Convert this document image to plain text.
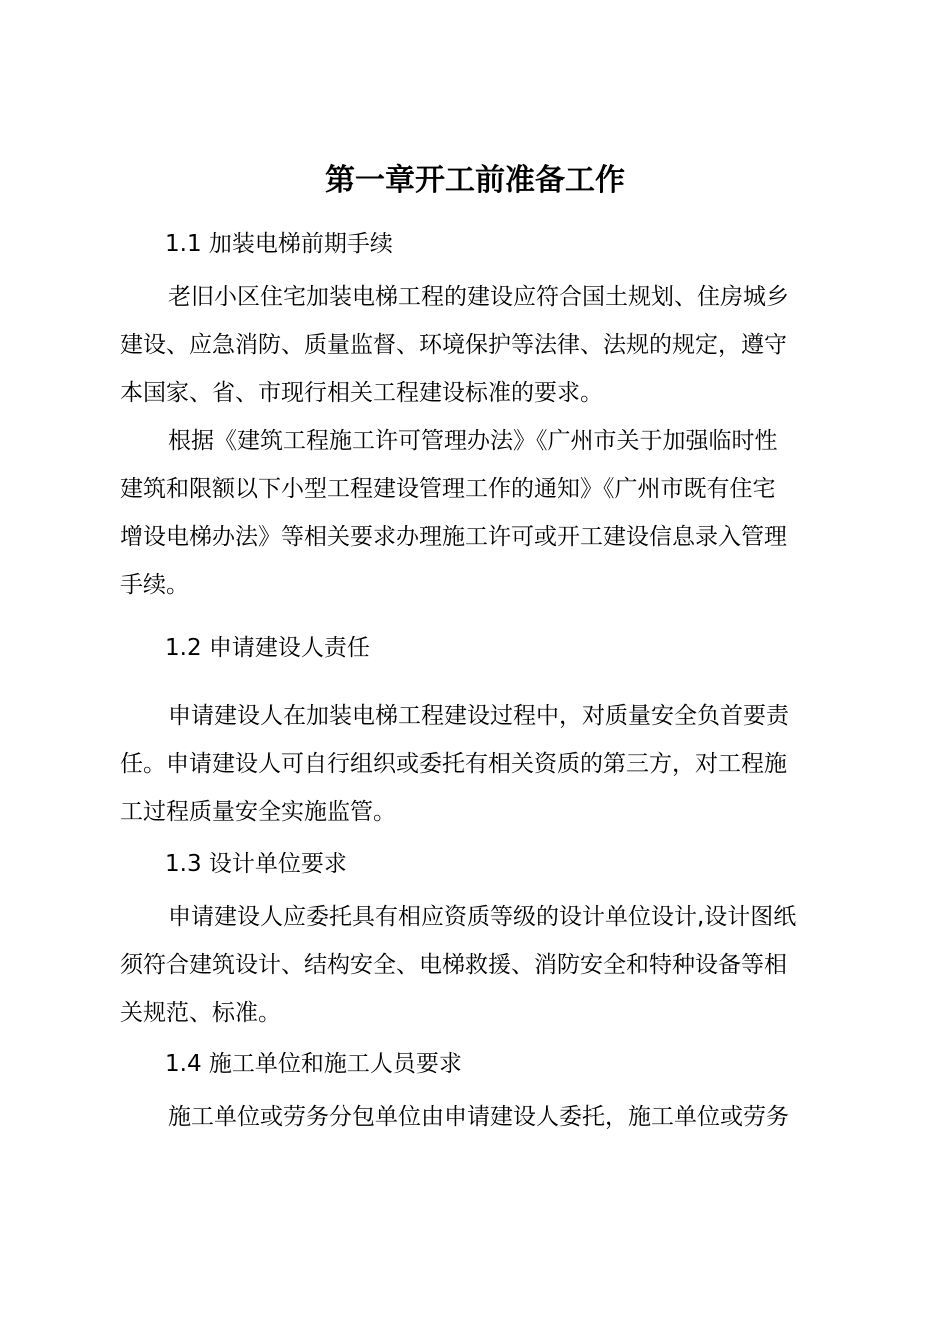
第一章开工前准备工作

1.1 加装电梯前期手续

老旧小区住宅加装电梯工程的建设应符合国土规划、住房城乡
建设、应急消防、质量监督、环境保护等法律、法规的规定，遵守
本国家、省、市现行相关工程建设标准的要求。
根据《建筑工程施工许可管理办法》《广州市关于加强临时性
建筑和限额以下小型工程建设管理工作的通知》《广州市既有住宅
增设电梯办法》等相关要求办理施工许可或开工建设信息录入管理
手续。

1.2 申请建设人责任

申请建设人在加装电梯工程建设过程中，对质量安全负首要责
任。申请建设人可自行组织或委托有相关资质的第三方，对工程施
工过程质量安全实施监管。

1.3 设计单位要求

申请建设人应委托具有相应资质等级的设计单位设计,设计图纸
须符合建筑设计、结构安全、电梯救援、消防安全和特种设备等相
关规范、标准。

1.4 施工单位和施工人员要求

施工单位或劳务分包单位由申请建设人委托，施工单位或劳务
